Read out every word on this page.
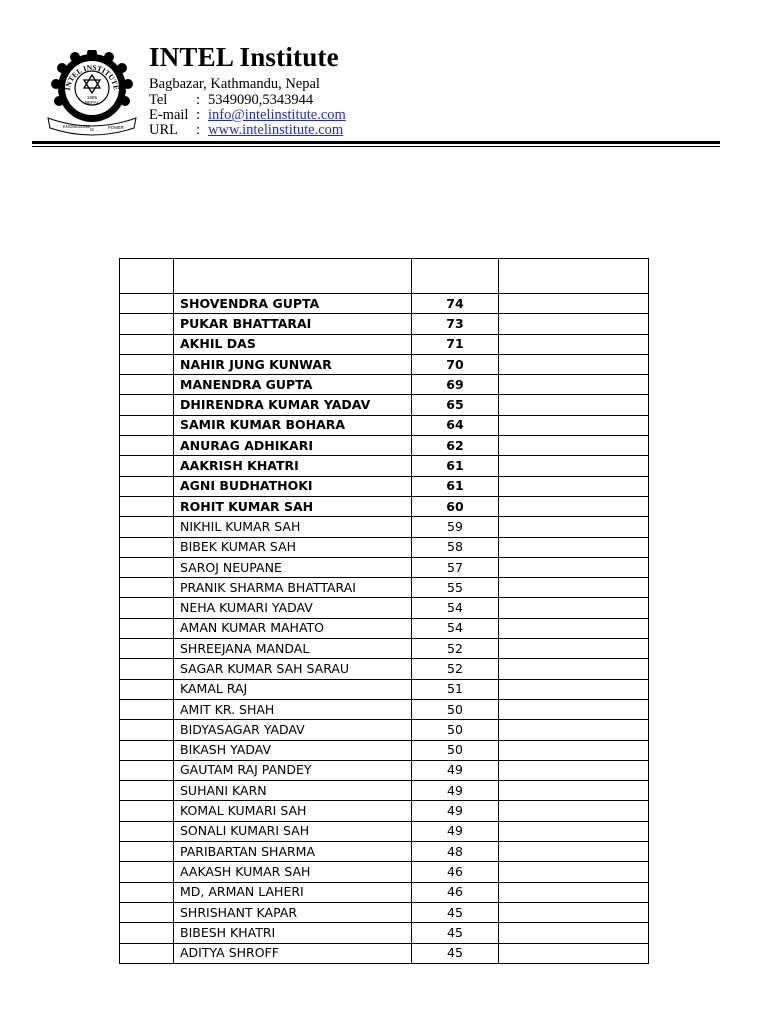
INTEL INSTITUTE
1995
NEPAL
KNOWLEDGE
IS	POWER
INTEL Institute
Bagbazar, Kathmandu, Nepal
Tel : 5349090,5343944
E-mail : info@intelinstitute.com
URL : www.intelinstitute.com

	SHOVENDRA GUPTA	74	
	PUKAR BHATTARAI	73	
	AKHIL DAS	71	
	NAHIR JUNG KUNWAR	70	
	MANENDRA GUPTA	69	
	DHIRENDRA KUMAR YADAV	65	
	SAMIR KUMAR BOHARA	64	
	ANURAG ADHIKARI	62	
	AAKRISH KHATRI	61	
	AGNI BUDHATHOKI	61	
	ROHIT KUMAR SAH	60	
	NIKHIL KUMAR SAH	59	
	BIBEK KUMAR SAH	58	
	SAROJ NEUPANE	57	
	PRANIK SHARMA BHATTARAI	55	
	NEHA KUMARI YADAV	54	
	AMAN KUMAR MAHATO	54	
	SHREEJANA MANDAL	52	
	SAGAR KUMAR SAH SARAU	52	
	KAMAL RAJ	51	
	AMIT KR. SHAH	50	
	BIDYASAGAR YADAV	50	
	BIKASH YADAV	50	
	GAUTAM RAJ PANDEY	49	
	SUHANI KARN	49	
	KOMAL KUMARI SAH	49	
	SONALI KUMARI SAH	49	
	PARIBARTAN SHARMA	48	
	AAKASH KUMAR SAH	46	
	MD, ARMAN LAHERI	46	
	SHRISHANT KAPAR	45	
	BIBESH KHATRI	45	
	ADITYA SHROFF	45	
